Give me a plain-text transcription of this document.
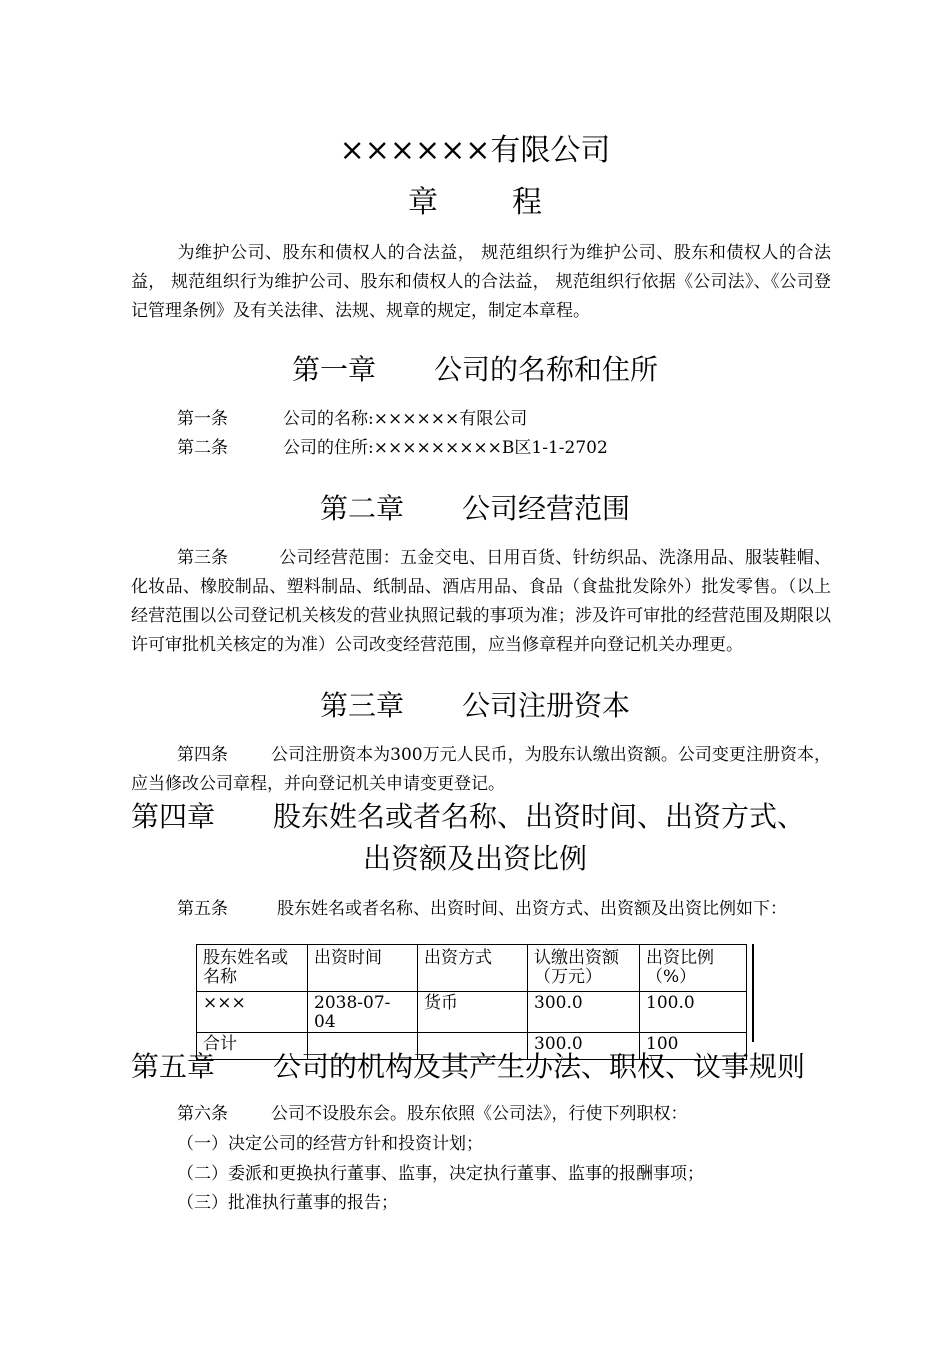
××××××有限公司
章 程
为维护公司、股东和债权人的合法益， 规范组织行为维护公司、股东和债权人的合法益， 规范组织行为维护公司、股东和债权人的合法益， 规范组织行依据《公司法》、《公司登记管理条例》及有关法律、法规、规章的规定，制定本章程。
第一章 公司的名称和住所
第一条	公司的名称:××××××有限公司
第二条	公司的住所:×××××××××B区1-1-2702
第二章 公司经营范围
第三条	公司经营范围：五金交电、日用百货、针纺织品、洗涤用品、服装鞋帽、化妆品、橡胶制品、塑料制品、纸制品、酒店用品、食品（食盐批发除外）批发零售。（以上经营范围以公司登记机关核发的营业执照记载的事项为准；涉及许可审批的经营范围及期限以许可审批机关核定的为准）公司改变经营范围，应当修章程并向登记机关办理更。
第三章 公司注册资本
第四条	公司注册资本为300万元人民币，为股东认缴出资额。公司变更注册资本，应当修改公司章程，并向登记机关申请变更登记。
第四章 股东姓名或者名称、出资时间、出资方式、
出资额及出资比例
第五条	股东姓名或者名称、出资时间、出资方式、出资额及出资比例如下：
股东姓名或名称	出资时间	出资方式	认缴出资额（万元）	出资比例（%）
×××	2038-07-04	货币	300.0	100.0
合计			300.0	100
第五章 公司的机构及其产生办法、职权、议事规则
第六条	公司不设股东会。股东依照《公司法》，行使下列职权：
（一）决定公司的经营方针和投资计划；
（二）委派和更换执行董事、监事，决定执行董事、监事的报酬事项；
（三）批准执行董事的报告；
